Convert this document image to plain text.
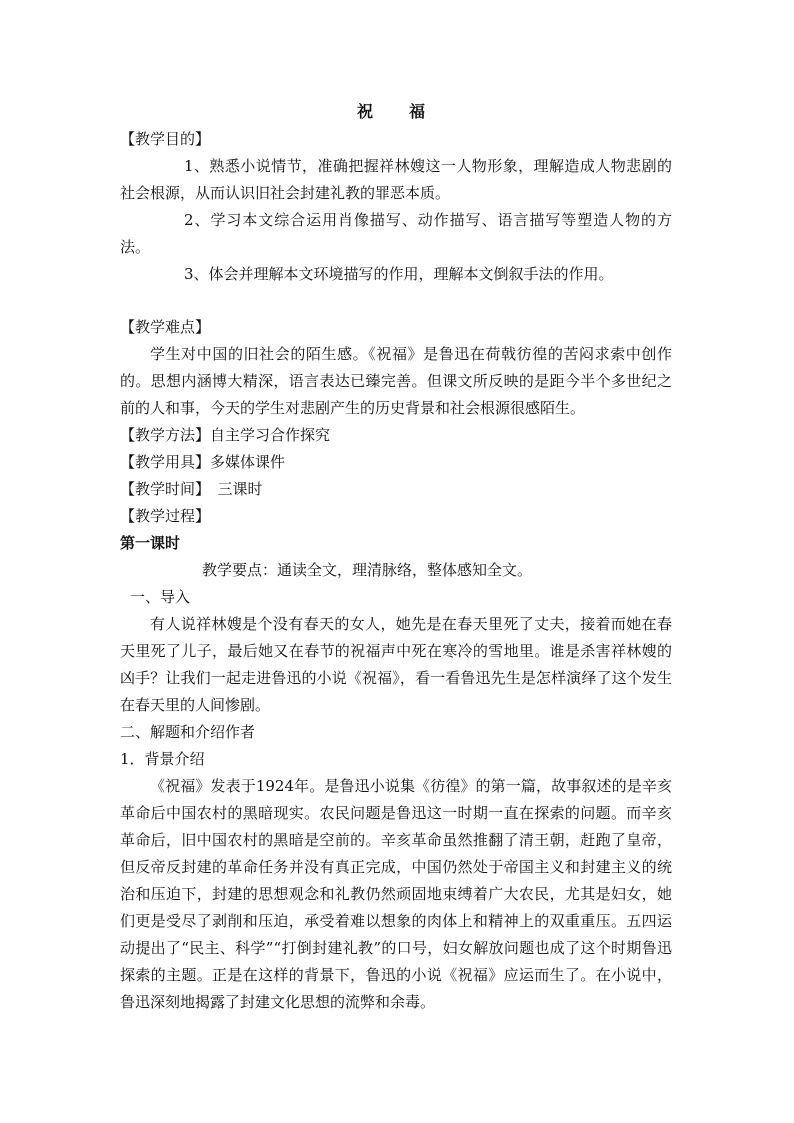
祝　福
【教学目的】
1、熟悉小说情节，准确把握祥林嫂这一人物形象，理解造成人物悲剧的社会根源，从而认识旧社会封建礼教的罪恶本质。
2、学习本文综合运用肖像描写、动作描写、语言描写等塑造人物的方法。
3、体会并理解本文环境描写的作用，理解本文倒叙手法的作用。
【教学难点】
学生对中国的旧社会的陌生感。《祝福》是鲁迅在荷戟彷徨的苦闷求索中创作的。思想内涵博大精深，语言表达已臻完善。但课文所反映的是距今半个多世纪之前的人和事，今天的学生对悲剧产生的历史背景和社会根源很感陌生。
【教学方法】自主学习合作探究
【教学用具】多媒体课件
【教学时间】　三课时
【教学过程】
第一课时
教学要点：通读全文，理清脉络，整体感知全文。
一、导入
有人说祥林嫂是个没有春天的女人，她先是在春天里死了丈夫，接着而她在春天里死了儿子，最后她又在春节的祝福声中死在寒冷的雪地里。谁是杀害祥林嫂的凶手？让我们一起走进鲁迅的小说《祝福》，看一看鲁迅先生是怎样演绎了这个发生在春天里的人间惨剧。
二、解题和介绍作者
1．背景介绍
《祝福》发表于1924年。是鲁迅小说集《彷徨》的第一篇，故事叙述的是辛亥革命后中国农村的黑暗现实。农民问题是鲁迅这一时期一直在探索的问题。而辛亥革命后，旧中国农村的黑暗是空前的。辛亥革命虽然推翻了清王朝，赶跑了皇帝，但反帝反封建的革命任务并没有真正完成，中国仍然处于帝国主义和封建主义的统治和压迫下，封建的思想观念和礼教仍然顽固地束缚着广大农民，尤其是妇女，她们更是受尽了剥削和压迫，承受着难以想象的肉体上和精神上的双重重压。五四运动提出了“民主、科学”“打倒封建礼教”的口号，妇女解放问题也成了这个时期鲁迅探索的主题。正是在这样的背景下，鲁迅的小说《祝福》应运而生了。在小说中，鲁迅深刻地揭露了封建文化思想的流弊和余毒。
